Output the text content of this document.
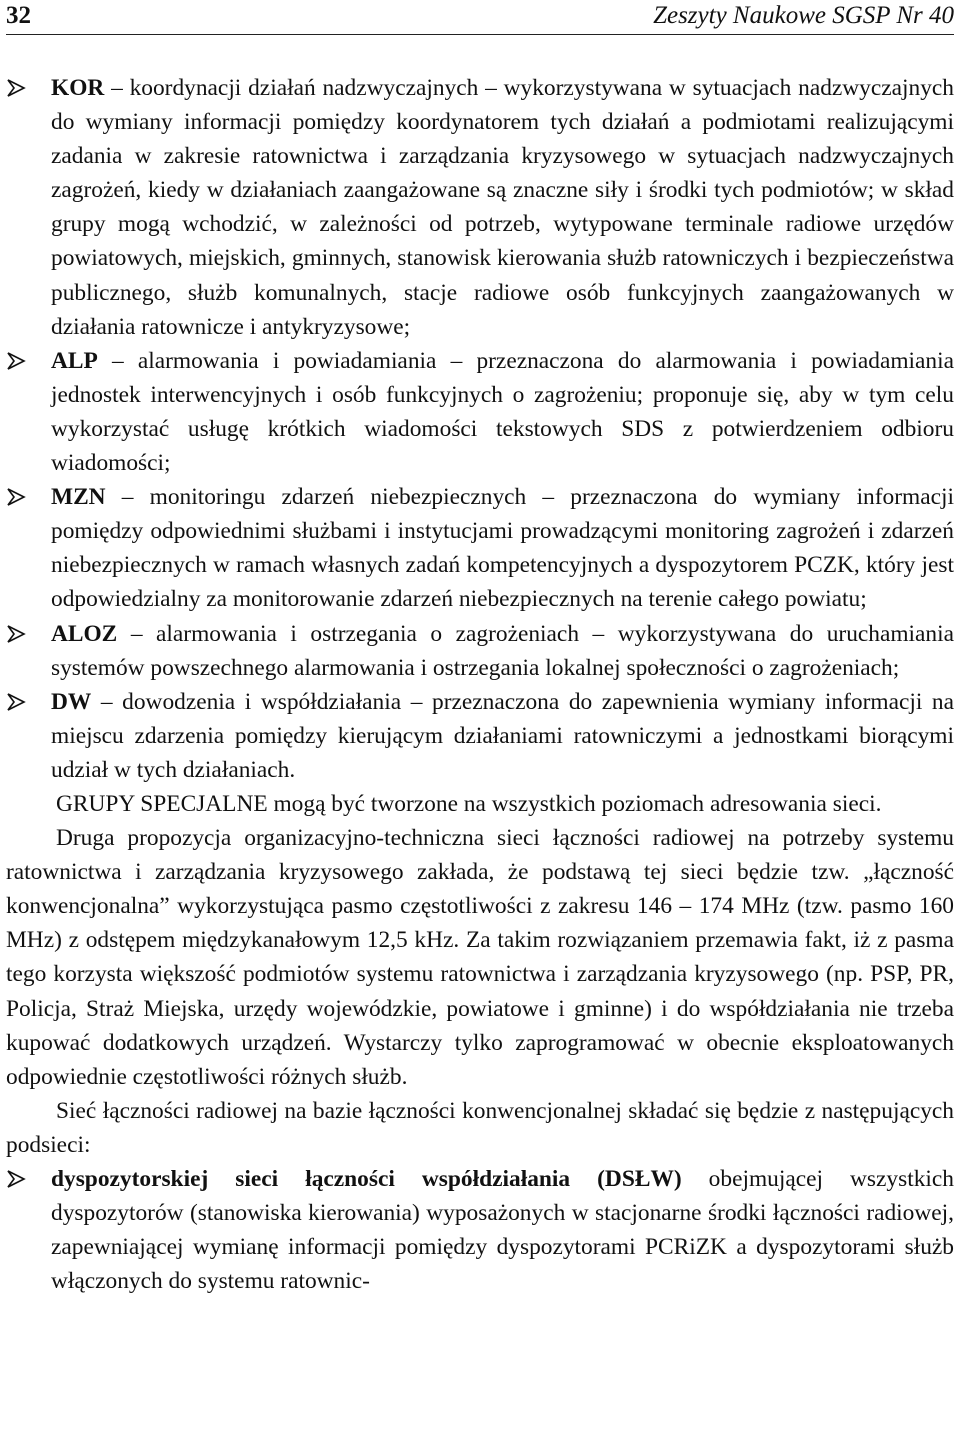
32	Zeszyty Naukowe SGSP Nr 40
KOR – koordynacji działań nadzwyczajnych – wykorzystywana w sytuacjach nadzwyczajnych do wymiany informacji pomiędzy koordynatorem tych działań a podmiotami realizującymi zadania w zakresie ratownictwa i zarządzania kryzysowego w sytuacjach nadzwyczajnych zagrożeń, kiedy w działaniach zaangażowane są znaczne siły i środki tych podmiotów; w skład grupy mogą wchodzić, w zależności od potrzeb, wytypowane terminale radiowe urzędów powiatowych, miejskich, gminnych, stanowisk kierowania służb ratowniczych i bezpieczeństwa publicznego, służb komunalnych, stacje radiowe osób funkcyjnych zaangażowanych w działania ratownicze i antykryzysowe;
ALP – alarmowania i powiadamiania – przeznaczona do alarmowania i powiadamiania jednostek interwencyjnych i osób funkcyjnych o zagrożeniu; proponuje się, aby w tym celu wykorzystać usługę krótkich wiadomości tekstowych SDS z potwierdzeniem odbioru wiadomości;
MZN – monitoringu zdarzeń niebezpiecznych – przeznaczona do wymiany informacji pomiędzy odpowiednimi służbami i instytucjami prowadzącymi monitoring zagrożeń i zdarzeń niebezpiecznych w ramach własnych zadań kompetencyjnych a dyspozytorem PCZK, który jest odpowiedzialny za monitorowanie zdarzeń niebezpiecznych na terenie całego powiatu;
ALOZ – alarmowania i ostrzegania o zagrożeniach – wykorzystywana do uruchamiania systemów powszechnego alarmowania i ostrzegania lokalnej społeczności o zagrożeniach;
DW – dowodzenia i współdziałania – przeznaczona do zapewnienia wymiany informacji na miejscu zdarzenia pomiędzy kierującym działaniami ratowniczymi a jednostkami biorącymi udział w tych działaniach.

GRUPY SPECJALNE mogą być tworzone na wszystkich poziomach adresowania sieci.

Druga propozycja organizacyjno-techniczna sieci łączności radiowej na potrzeby systemu ratownictwa i zarządzania kryzysowego zakłada, że podstawą tej sieci będzie tzw. „łączność konwencjonalna” wykorzystująca pasmo częstotliwości z zakresu 146 – 174 MHz (tzw. pasmo 160 MHz) z odstępem międzykanałowym 12,5 kHz. Za takim rozwiązaniem przemawia fakt, iż z pasma tego korzysta większość podmiotów systemu ratownictwa i zarządzania kryzysowego (np. PSP, PR, Policja, Straż Miejska, urzędy wojewódzkie, powiatowe i gminne) i do współdziałania nie trzeba kupować dodatkowych urządzeń. Wystarczy tylko zaprogramować w obecnie eksploatowanych odpowiednie częstotliwości różnych służb.

Sieć łączności radiowej na bazie łączności konwencjonalnej składać się będzie z następujących podsieci:

dyspozytorskiej sieci łączności współdziałania (DSŁW) obejmującej wszystkich dyspozytorów (stanowiska kierowania) wyposażonych w stacjonarne środki łączności radiowej, zapewniającej wymianę informacji pomiędzy dyspozytorami PCRiZK a dyspozytorami służb włączonych do systemu ratownic-
